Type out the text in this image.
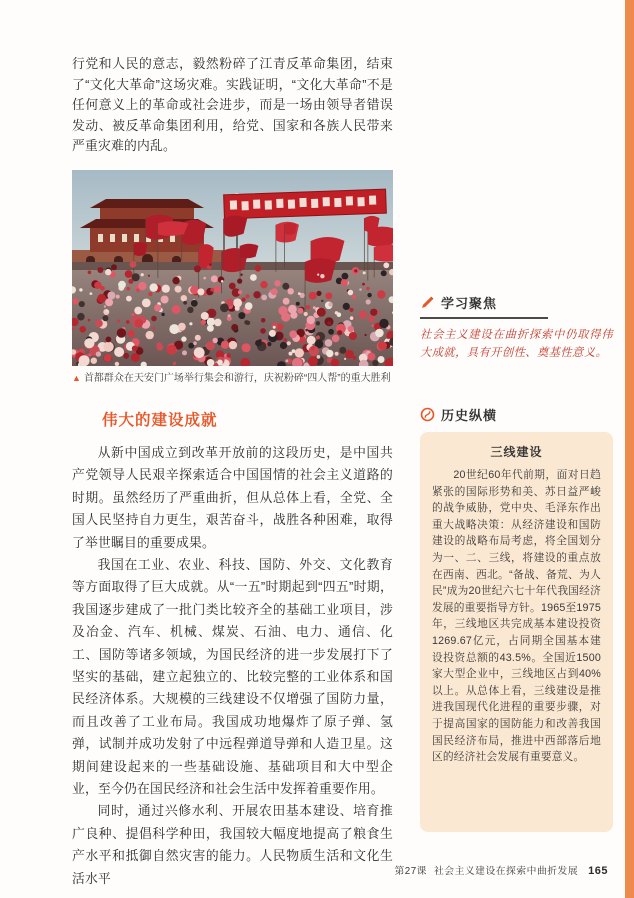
行党和人民的意志，毅然粉碎了江青反革命集团，结束了“文化大革命”这场灾难。实践证明，“文化大革命”不是任何意义上的革命或社会进步，而是一场由领导者错误发动、被反革命集团利用，给党、国家和各族人民带来严重灾难的内乱。

▲ 首都群众在天安门广场举行集会和游行，庆祝粉碎“四人帮”的重大胜利
伟大的建设成就

从新中国成立到改革开放前的这段历史，是中国共产党领导人民艰辛探索适合中国国情的社会主义道路的时期。虽然经历了严重曲折，但从总体上看，全党、全国人民坚持自力更生，艰苦奋斗，战胜各种困难，取得了举世瞩目的重要成果。

我国在工业、农业、科技、国防、外交、文化教育等方面取得了巨大成就。从“一五”时期起到“四五”时期，我国逐步建成了一批门类比较齐全的基础工业项目，涉及冶金、汽车、机械、煤炭、石油、电力、通信、化工、国防等诸多领域，为国民经济的进一步发展打下了坚实的基础，建立起独立的、比较完整的工业体系和国民经济体系。大规模的三线建设不仅增强了国防力量，而且改善了工业布局。我国成功地爆炸了原子弹、氢弹，试制并成功发射了中远程弹道导弹和人造卫星。这期间建设起来的一些基础设施、基础项目和大中型企业，至今仍在国民经济和社会生活中发挥着重要作用。

同时，通过兴修水利、开展农田基本建设、培育推广良种、提倡科学种田，我国较大幅度地提高了粮食生产水平和抵御自然灾害的能力。人民物质生活和文化生活水平

学习聚焦

社会主义建设在曲折探索中仍取得伟大成就，具有开创性、奠基性意义。

历史纵横
三线建设

20世纪60年代前期，面对日趋紧张的国际形势和美、苏日益严峻的战争威胁，党中央、毛泽东作出重大战略决策：从经济建设和国防建设的战略布局考虑，将全国划分为一、二、三线，将建设的重点放在西南、西北。“备战、备荒、为人民”成为20世纪六七十年代我国经济发展的重要指导方针。1965至1975年，三线地区共完成基本建设投资1269.67亿元，占同期全国基本建设投资总额的43.5%。全国近1500家大型企业中，三线地区占到40%以上。从总体上看，三线建设是推进我国现代化进程的重要步骤，对于提高国家的国防能力和改善我国国民经济布局，推进中西部落后地区的经济社会发展有重要意义。

第27课 社会主义建设在探索中曲折发展 165
